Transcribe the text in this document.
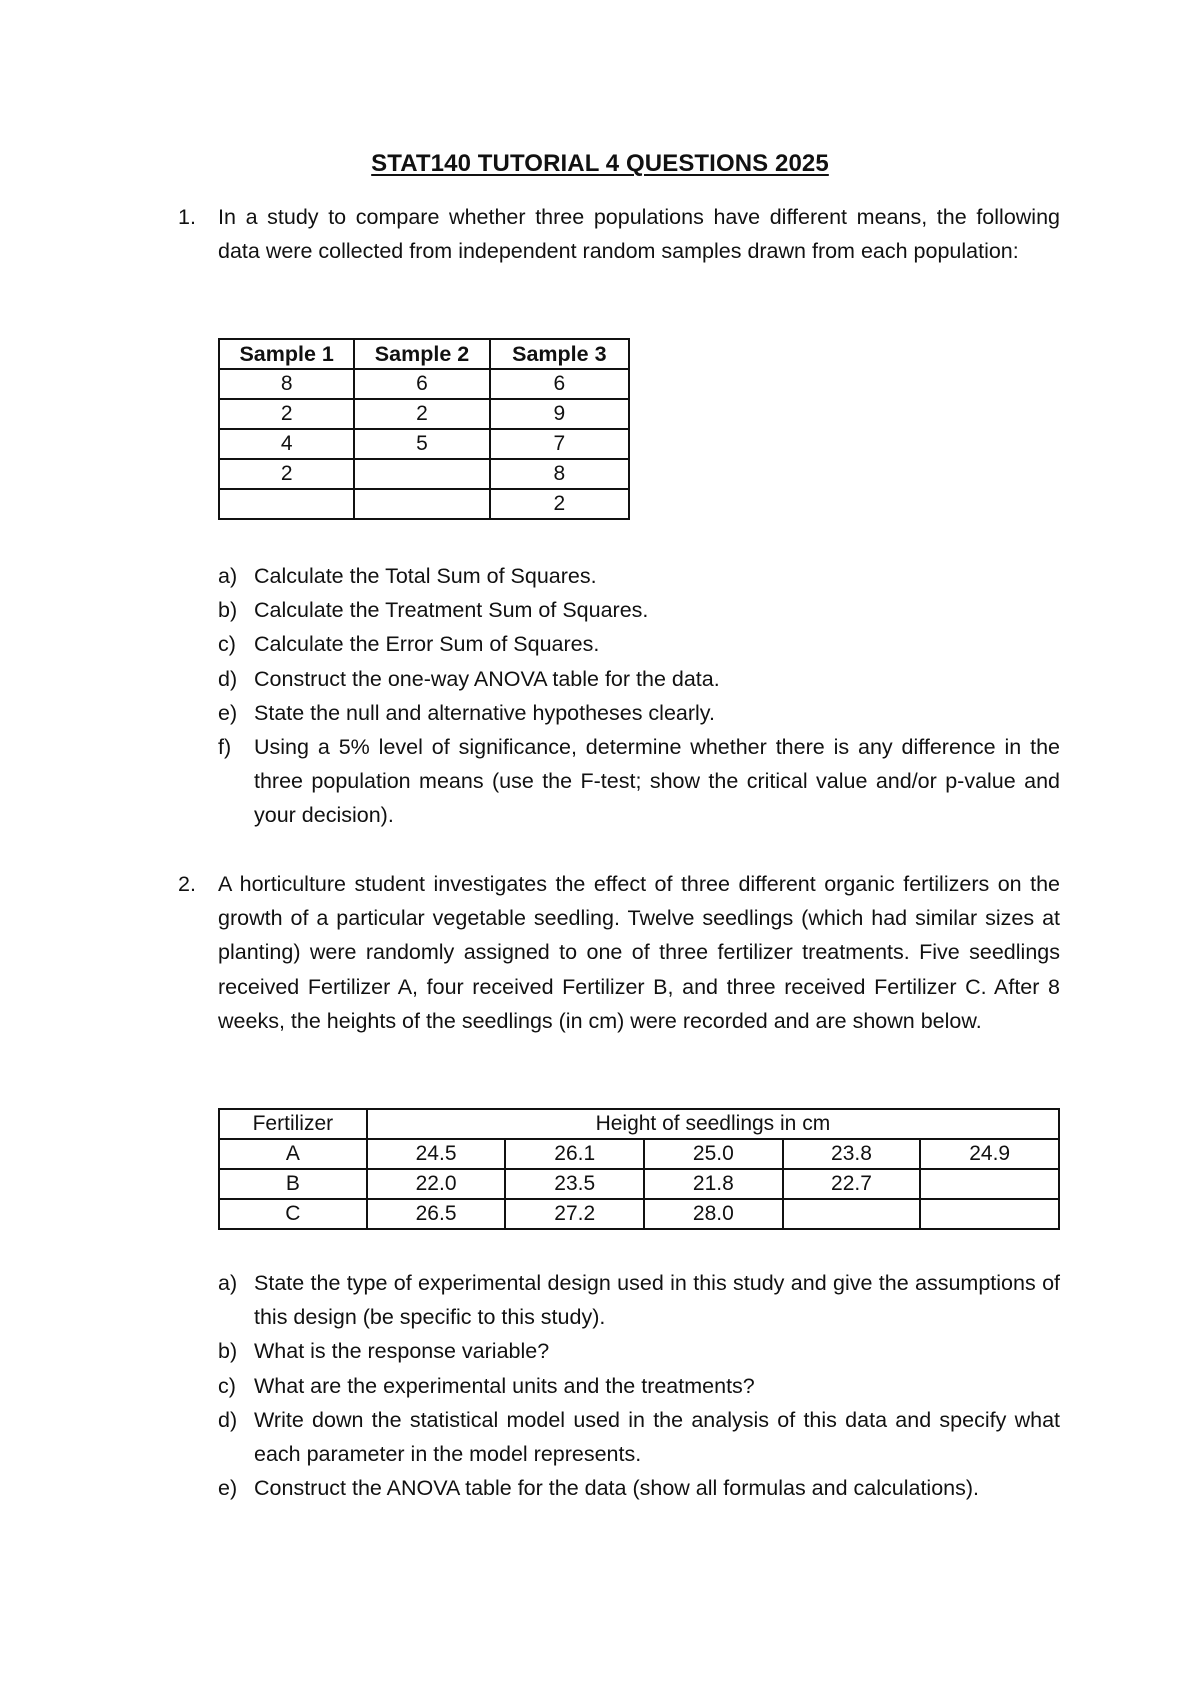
STAT140 TUTORIAL 4 QUESTIONS 2025
1. In a study to compare whether three populations have different means, the following data were collected from independent random samples drawn from each population:
Sample 1	Sample 2	Sample 3
8	6	6
2	2	9
4	5	7
2		8
		2
a) Calculate the Total Sum of Squares.
b) Calculate the Treatment Sum of Squares.
c) Calculate the Error Sum of Squares.
d) Construct the one-way ANOVA table for the data.
e) State the null and alternative hypotheses clearly.
f) Using a 5% level of significance, determine whether there is any difference in the three population means (use the F-test; show the critical value and/or p-value and your decision).
2. A horticulture student investigates the effect of three different organic fertilizers on the growth of a particular vegetable seedling. Twelve seedlings (which had similar sizes at planting) were randomly assigned to one of three fertilizer treatments. Five seedlings received Fertilizer A, four received Fertilizer B, and three received Fertilizer C. After 8 weeks, the heights of the seedlings (in cm) were recorded and are shown below.
Fertilizer	Height of seedlings in cm				
A	24.5	26.1	25.0	23.8	24.9
B	22.0	23.5	21.8	22.7	
C	26.5	27.2	28.0		
a) State the type of experimental design used in this study and give the assumptions of this design (be specific to this study).
b) What is the response variable?
c) What are the experimental units and the treatments?
d) Write down the statistical model used in the analysis of this data and specify what each parameter in the model represents.
e) Construct the ANOVA table for the data (show all formulas and calculations).
